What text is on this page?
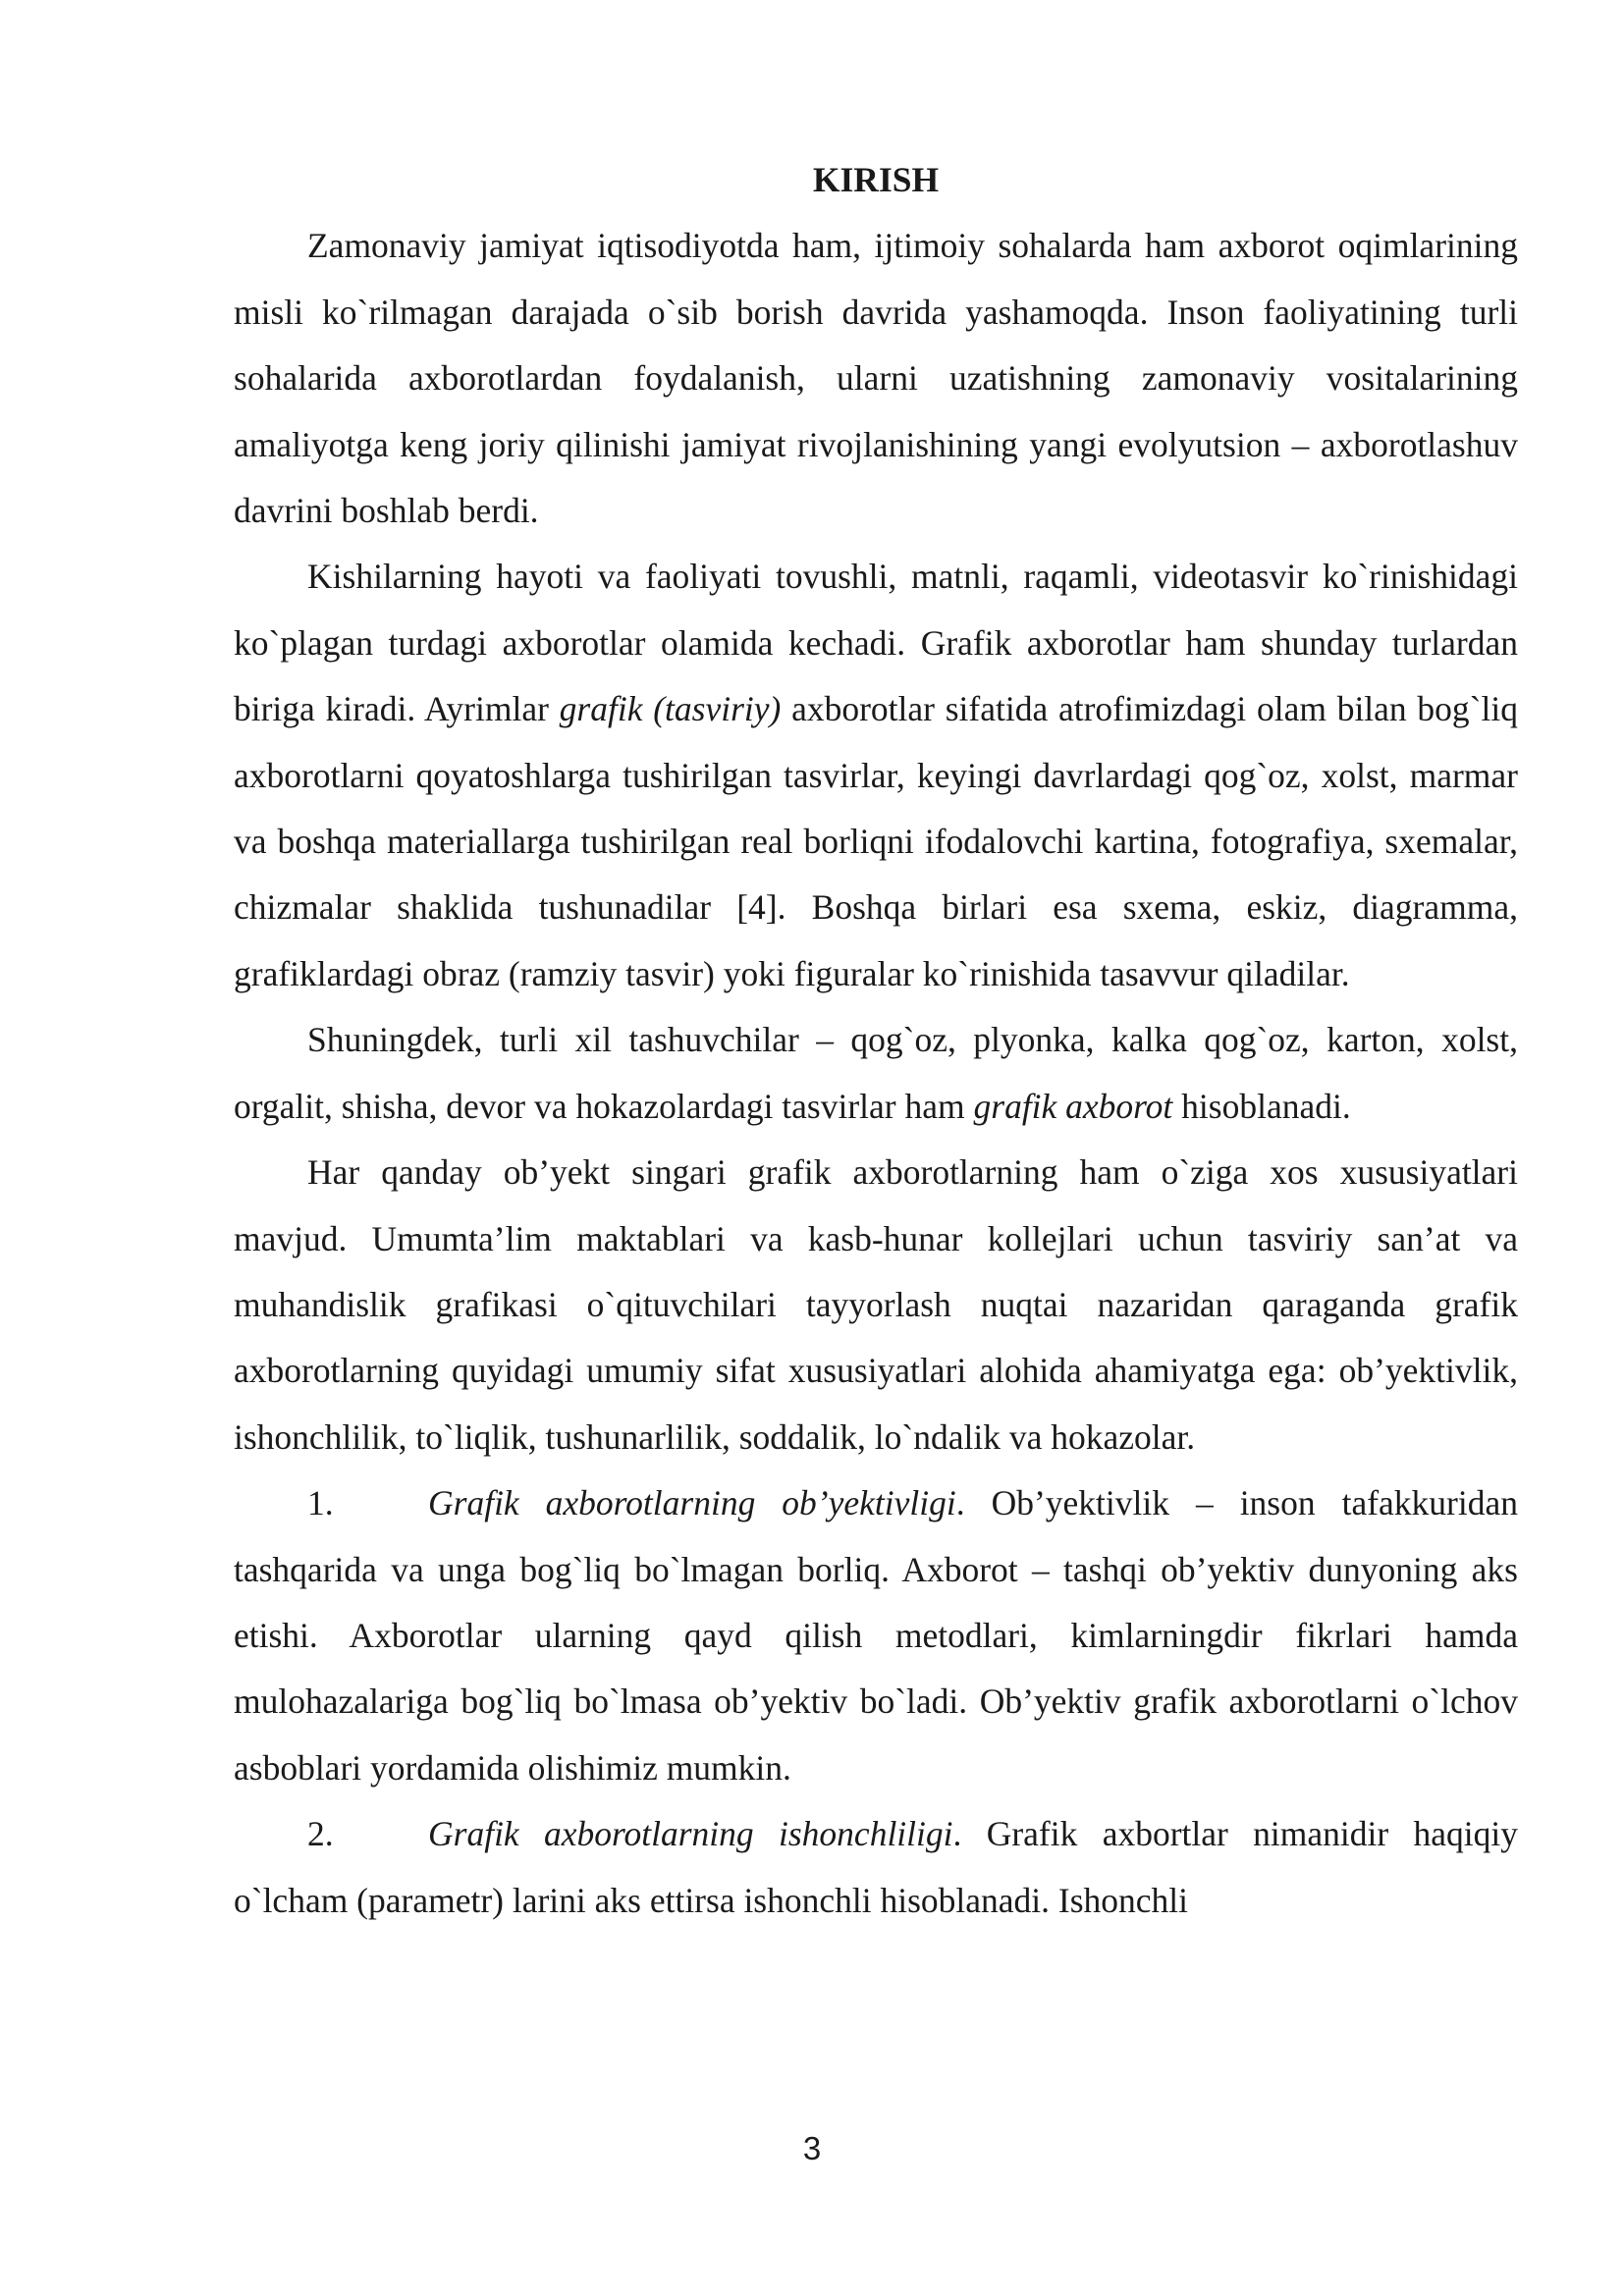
KIRISH

Zamonaviy jamiyat iqtisodiyotda ham, ijtimoiy sohalarda ham axborot oqimlarining misli ko`rilmagan darajada o`sib borish davrida yashamoqda. Inson faoliyatining turli sohalarida axborotlardan foydalanish, ularni uzatishning zamonaviy vositalarining amaliyotga keng joriy qilinishi jamiyat rivojlanishining yangi evolyutsion – axborotlashuv davrini boshlab berdi.

Kishilarning hayoti va faoliyati tovushli, matnli, raqamli, videotasvir ko`rinishidagi ko`plagan turdagi axborotlar olamida kechadi. Grafik axborotlar ham shunday turlardan biriga kiradi. Ayrimlar grafik (tasviriy) axborotlar sifatida atrofimizdagi olam bilan bog`liq axborotlarni qoyatoshlarga tushirilgan tasvirlar, keyingi davrlardagi qog`oz, xolst, marmar va boshqa materiallarga tushirilgan real borliqni ifodalovchi kartina, fotografiya, sxemalar, chizmalar shaklida tushunadilar [4]. Boshqa birlari esa sxema, eskiz, diagramma, grafiklardagi obraz (ramziy tasvir) yoki figuralar ko`rinishida tasavvur qiladilar.

Shuningdek, turli xil tashuvchilar – qog`oz, plyonka, kalka qog`oz, karton, xolst, orgalit, shisha, devor va hokazolardagi tasvirlar ham grafik axborot hisoblanadi.

Har qanday ob’yekt singari grafik axborotlarning ham o`ziga xos xususiyatlari mavjud. Umumta’lim maktablari va kasb-hunar kollejlari uchun tasviriy san’at va muhandislik grafikasi o`qituvchilari tayyorlash nuqtai nazaridan qaraganda grafik axborotlarning quyidagi umumiy sifat xususiyatlari alohida ahamiyatga ega: ob’yektivlik, ishonchlilik, to`liqlik, tushunarlilik, soddalik, lo`ndalik va hokazolar.

1.	Grafik axborotlarning ob’yektivligi. Ob’yektivlik – inson tafakkuridan tashqarida va unga bog`liq bo`lmagan borliq. Axborot – tashqi ob’yektiv dunyoning aks etishi. Axborotlar ularning qayd qilish metodlari, kimlarningdir fikrlari hamda mulohazalariga bog`liq bo`lmasa ob’yektiv bo`ladi. Ob’yektiv grafik axborotlarni o`lchov asboblari yordamida olishimiz mumkin.

2.	Grafik axborotlarning ishonchliligi. Grafik axbortlar nimanidir haqiqiy o`lcham (parametr) larini aks ettirsa ishonchli hisoblanadi. Ishonchli

3
